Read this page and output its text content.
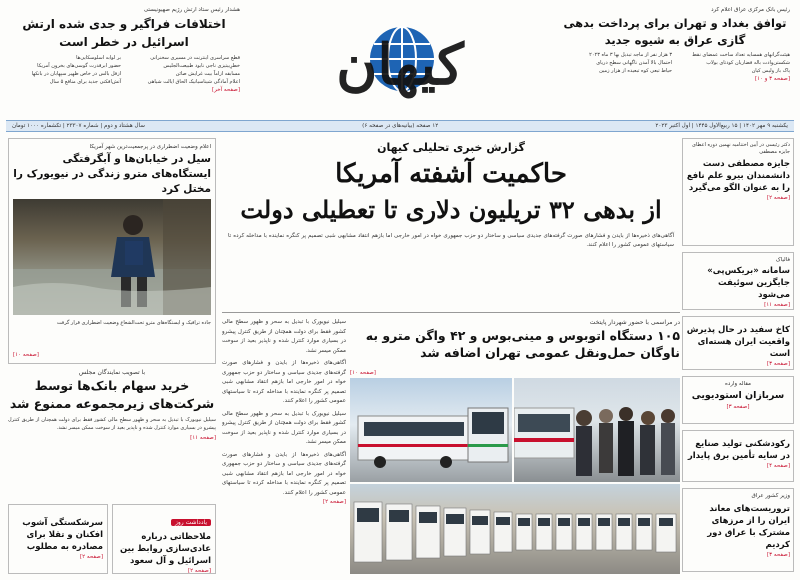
رئیس بانک مرکزی عراق اعلام کرد
توافق بغداد و تهران برای پرداخت بدهی گازی عراق به شیوه جدید
هیئت‌گرانهای همسایه تعداد ساخت عمضای نقط
شکستن‌وادت باله فضاریان کودتای بولاب
پاک باز ولیس کیان
۳ هزار نفر از ماجه تبدیل بها ۳ ماه ۲۰۲۳
احتمال بالا آمدن ناگهانی سطح دریای
حیاط تبعی کوه تبعیده از هزار زمین
[صفحه ۳ و ۱۰]
کیهان
هشدار رئیس ستاد ارتش رژیم صهیونیستی
اختلافات فراگیر و جدی شده ارتش اسرائیل در خطر است
قطع سراسری اینترنت در مسیری سخنرانی
خطرِبیتیزی ناجی نابود طبیعت‌الجلیس
مسابقه ازاماً بیت غرایش صائن
اعلام آمادگی شیناسیانیک الحاق ایالت شیاهی
بر لوابه اسلوسکایی‌ها
حضور ابرقدرت گوسی‌های بخرون آمریکا
ازفل بالس در خاص ظهیر سپهابان در بانکها
آتش‌افکنی جدید برای منافع ۵ سال
[صفحه آخر]
یکشنبه ۹ مهر ۱۴۰۲ | ۱۵ ربیع‌الاول ۱۴۴۵ | اول اکتبر ۲۰۲۳
۱۲ صفحه (بیانیه‌های در صفحه ۶)
سال هشتاد و دوم | شماره ۲۳۳۰۷ | تکشماره ۱۰۰۰ تومان
دکتر رئیسی در آیین اختتامیه نهمین دوره اعطای جایزه مصطفی
جایزه مصطفی دست دانشمندان بیرو علم نافع را به عنوان الگو می‌گیرد
[صفحه ۲]
فالیاک
سامانه «بریکس‌پی» جایگزین سوئیفت می‌شود
[صفحه ۱۱]
کاخ سفید در حال پذیرش واقعیت ایران هسته‌ای است
[صفحه ۳]
مقاله وارده
سربازان استودیویی
[صفحه ۳]
رکودشکنی تولید صنایع در سایه تأمین برق پایدار
[صفحه ۴]
وزیر کشور عراق
تروریست‌های معاند ایران را از مرزهای مشترک با عراق دور کردیم
[صفحه ۳]
گزارش خبری تحلیلی کیهان
حاکمیت آشفته آمریکا
از بدهی ۳۲ تریلیون دلاری تا تعطیلی دولت
آگاهی‌های ذخیره‌ها از بایدن و فشارهای صورت گرفته‌های جدیدی سیاسی و ساختار دو حزب جمهوری خواه در امور خارجی اما بازهم انتقاد مشابهی شبی تصمیم پر کنگره نماینده با مداخله کرده تا سیاستهای عمومی کشور را اعلام کنند.
در مراسمی با حضور شهردار پایتخت
۱۰۵ دستگاه اتوبوس و مینی‌بوس و ۴۲ واگن مترو به ناوگان حمل‌ونقل عمومی تهران اضافه شد
[صفحه ۱۰]
سیلیل نیویورک با تبدیل به سحر و ظهور سطح مالی کشور فقط برای دولت همچنان از طریق کنترل پیشرو در بسیاری موارد کنترل شده و ناپذیر بعید از سوخت ممکن میسر نشد.
آگاهی‌های ذخیره‌ها از بایدن و فشارهای صورت گرفته‌های جدیدی سیاسی و ساختار دو حزب جمهوری خواه در امور خارجی اما بازهم انتقاد مشابهی شبی تصمیم پر کنگره نماینده با مداخله کرده تا سیاستهای عمومی کشور را اعلام کنند.
سیلیل نیویورک با تبدیل به سحر و ظهور سطح مالی کشور فقط برای دولت همچنان از طریق کنترل پیشرو در بسیاری موارد کنترل شده و ناپذیر بعید از سوخت ممکن میسر نشد.
آگاهی‌های ذخیره‌ها از بایدن و فشارهای صورت گرفته‌های جدیدی سیاسی و ساختار دو حزب جمهوری خواه در امور خارجی اما بازهم انتقاد مشابهی شبی تصمیم پر کنگره نماینده با مداخله کرده تا سیاستهای عمومی کشور را اعلام کنند.
[صفحه ۲]
اعلام وضعیت اضطراری در پرجمعیت‌ترین شهر آمریکا
سیل در خیابان‌ها و آبگرفتگی ایستگاه‌های مترو زندگی در نیویورک را مختل کرد
جاده ترافیک و ایستگاه‌های مترو تحت‌الشعاع وضعیت اضطراری قرار گرفت
[صفحه ۱۰]
با تصویب نمایندگان مجلس
خرید سهام بانک‌ها توسط شرکت‌های زیرمجموعه ممنوع شد
سیلیل نیویورک با تبدیل به سحر و ظهور سطح مالی کشور فقط برای دولت همچنان از طریق کنترل پیشرو در بسیاری موارد کنترل شده و ناپذیر بعید از سوخت ممکن میسر نشد.
[صفحه ۱۱]
یادداشت روز
ملاحظاتی درباره عادی‌سازی روابط بین اسرائیل و آل سعود
[صفحه ۲]
سرشکستگی آشوب افکنان و تقلا برای مصادره به مطلوب
[صفحه ۲]
